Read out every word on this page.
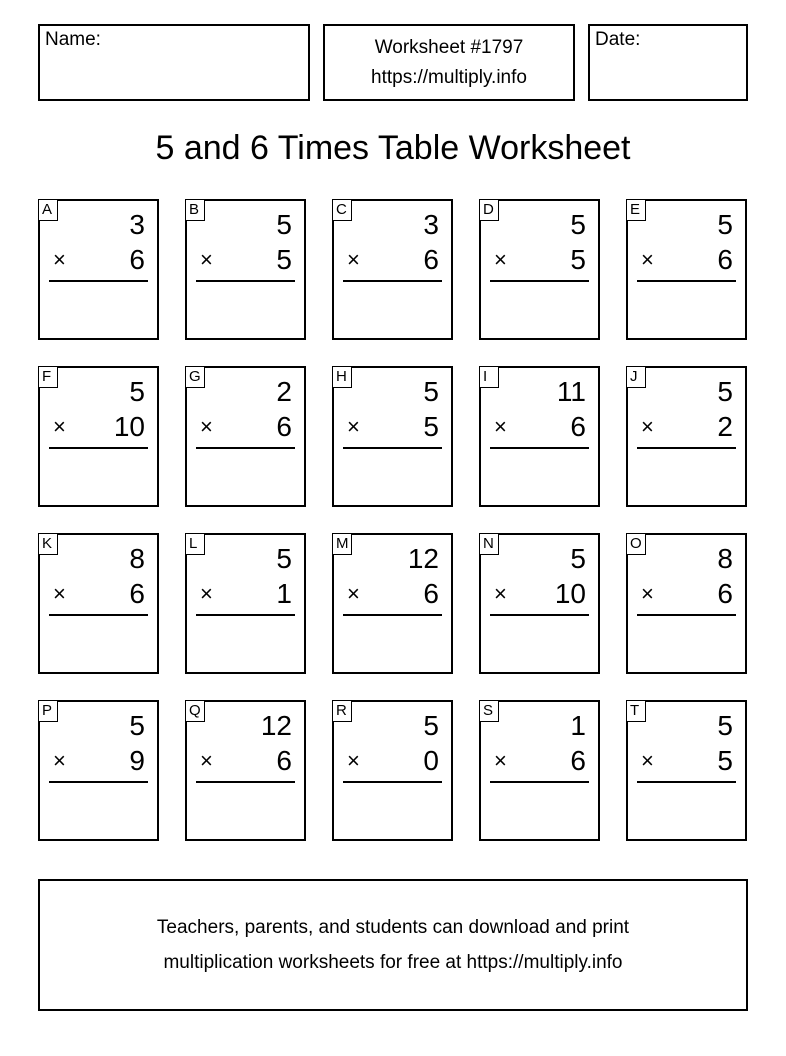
Name:	Worksheet #1797
https://multiply.info
Date:
5 and 6 Times Table Worksheet
A	3
× 6
B	5
× 5
C	3
× 6
D	5
× 5
E	5
× 6
F	5
× 10
G	2
× 6
H	5
× 5
I	11
× 6
J	5
× 2
K	8
× 6
L	5
× 1
M 12
× 6
N	5
× 10
O	8
× 6
P	5
× 9
Q 12
× 6
R	5
× 0
S	1
× 6
T	5
× 5
Teachers, parents, and students can download and print
multiplication worksheets for free at https://multiply.info
